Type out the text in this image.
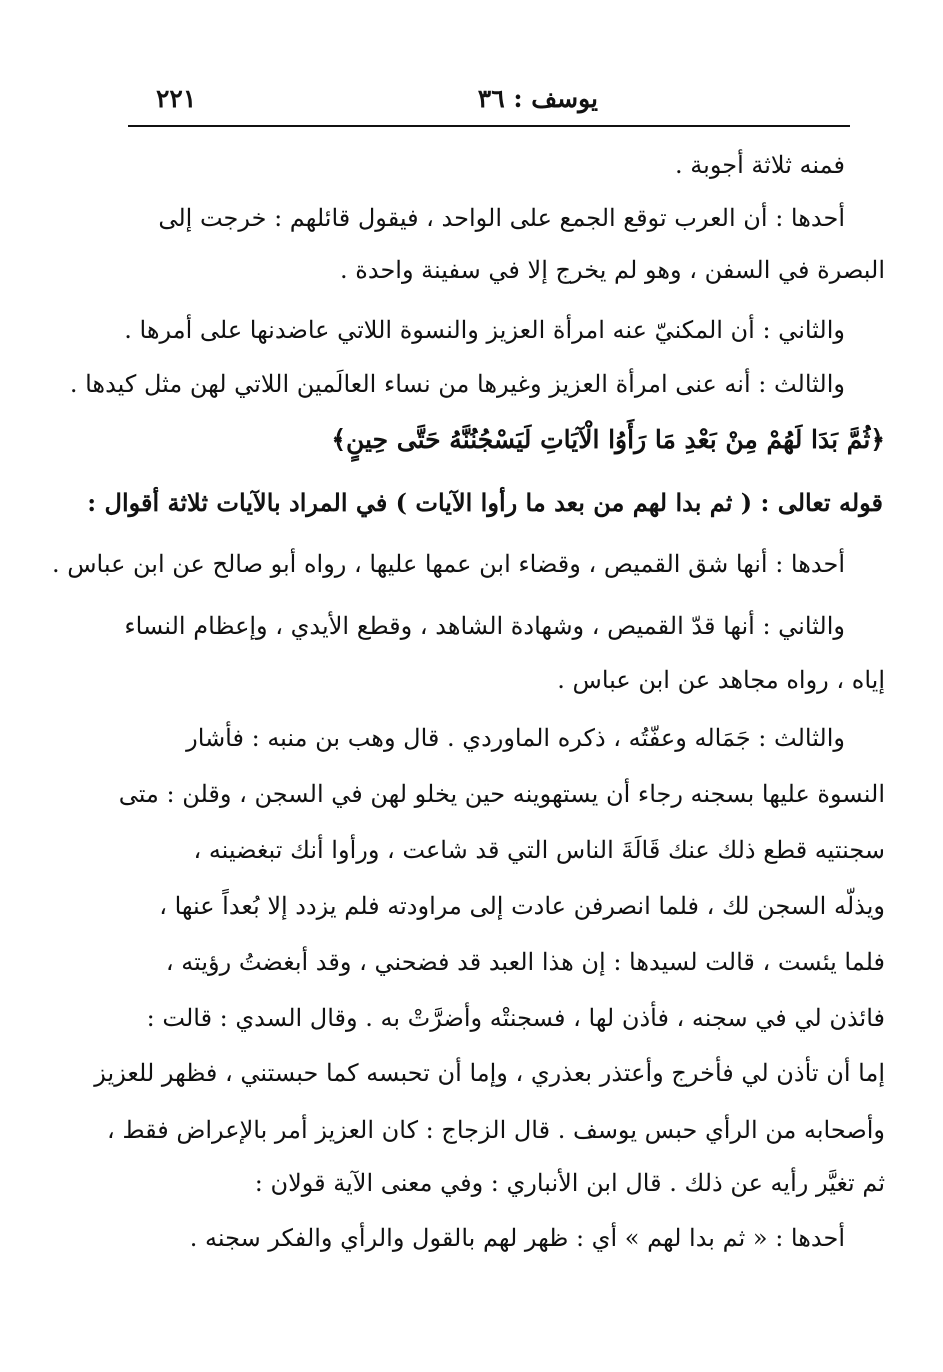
يوسف : ٣٦
٢٢١
فمنه ثلاثة أجوبة .
أحدها : أن العرب توقع الجمع على الواحد ، فيقول قائلهم : خرجت إلى
البصرة في السفن ، وهو لم يخرج إلا في سفينة واحدة .
والثاني : أن المكنيّ عنه امرأة العزيز والنسوة اللاتي عاضدنها على أمرها .
والثالث : أنه عنى امرأة العزيز وغيرها من نساء العالَمين اللاتي لهن مثل كيدها .
﴿ثُمَّ بَدَا لَهُمْ مِنْ بَعْدِ مَا رَأَوُا الْآيَاتِ لَيَسْجُنُنَّهُ حَتَّى حِينٍ﴾
قوله تعالى : ( ثم بدا لهم من بعد ما رأوا الآيات ) في المراد بالآيات ثلاثة أقوال :
أحدها : أنها شق القميص ، وقضاء ابن عمها عليها ، رواه أبو صالح عن ابن عباس .
والثاني : أنها قدّ القميص ، وشهادة الشاهد ، وقطع الأيدي ، وإعظام النساء
إياه ، رواه مجاهد عن ابن عباس .
والثالث : جَمَاله وعفّتُه ، ذكره الماوردي . قال وهب بن منبه : فأشار
النسوة عليها بسجنه رجاء أن يستهوينه حين يخلو لهن في السجن ، وقلن : متى
سجنتيه قطع ذلك عنك قَالَةَ الناس التي قد شاعت ، ورأوا أنك تبغضينه ،
ويذلّه السجن لك ، فلما انصرفن عادت إلى مراودته فلم يزدد إلا بُعداً عنها ،
فلما يئست ، قالت لسيدها : إن هذا العبد قد فضحني ، وقد أبغضتُ رؤيته ،
فائذن لي في سجنه ، فأذن لها ، فسجنتْه وأضرَّتْ به . وقال السدي : قالت :
إما أن تأذن لي فأخرج وأعتذر بعذري ، وإما أن تحبسه كما حبستني ، فظهر للعزيز
وأصحابه من الرأي حبس يوسف . قال الزجاج : كان العزيز أمر بالإعراض فقط ،
ثم تغيَّر رأيه عن ذلك . قال ابن الأنباري : وفي معنى الآية قولان :
أحدها : « ثم بدا لهم » أي : ظهر لهم بالقول والرأي والفكر سجنه .
